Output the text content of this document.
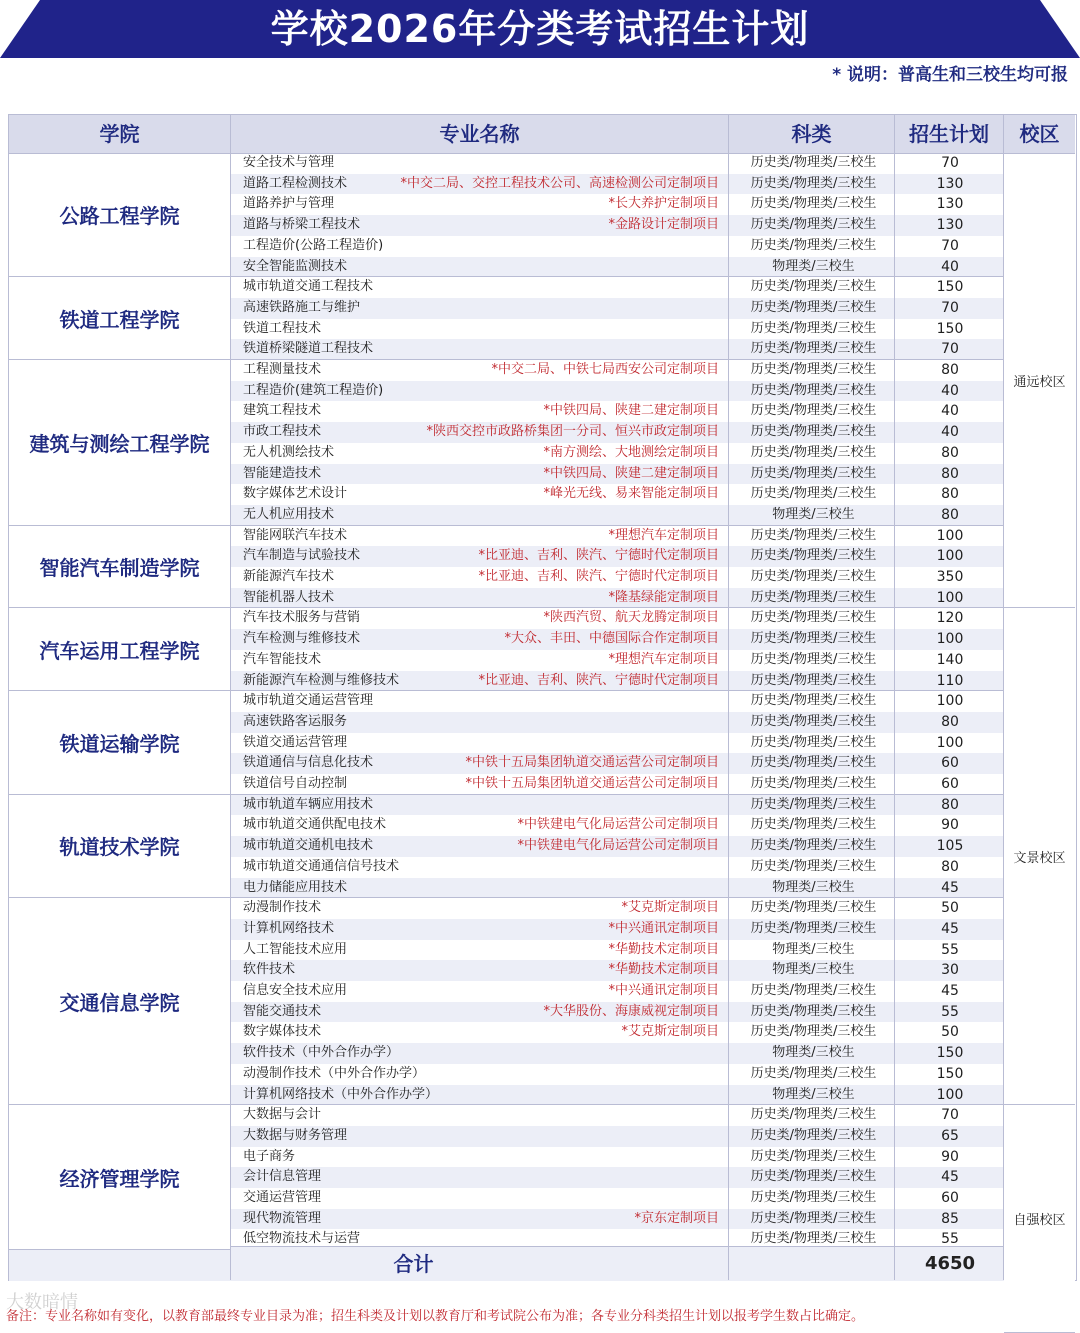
学校2026年分类考试招生计划
* 说明：普高生和三校生均可报
学院	专业名称	科类	招生计划	校区
合计	4650
公路工程学院
安全技术与管理	历史类/物理类/三校生	70
道路工程检测技术	*中交二局、交控工程技术公司、高速检测公司定制项目	历史类/物理类/三校生	130
道路养护与管理	*长大养护定制项目	历史类/物理类/三校生	130
道路与桥梁工程技术	*金路设计定制项目	历史类/物理类/三校生	130
工程造价(公路工程造价)	历史类/物理类/三校生	70
安全智能监测技术	物理类/三校生	40
铁道工程学院
城市轨道交通工程技术	历史类/物理类/三校生	150
高速铁路施工与维护	历史类/物理类/三校生	70
铁道工程技术	历史类/物理类/三校生	150
铁道桥梁隧道工程技术	历史类/物理类/三校生	70
建筑与测绘工程学院
工程测量技术	*中交二局、中铁七局西安公司定制项目	历史类/物理类/三校生	80
工程造价(建筑工程造价)	历史类/物理类/三校生	40
建筑工程技术	*中铁四局、陕建二建定制项目	历史类/物理类/三校生	40
市政工程技术	*陕西交控市政路桥集团一分司、恒兴市政定制项目	历史类/物理类/三校生	40
无人机测绘技术	*南方测绘、大地测绘定制项目	历史类/物理类/三校生	80
智能建造技术	*中铁四局、陕建二建定制项目	历史类/物理类/三校生	80
数字媒体艺术设计	*峰光无线、易来智能定制项目	历史类/物理类/三校生	80
无人机应用技术	物理类/三校生	80
智能汽车制造学院
智能网联汽车技术	*理想汽车定制项目	历史类/物理类/三校生	100
汽车制造与试验技术	*比亚迪、吉利、陕汽、宁德时代定制项目	历史类/物理类/三校生	100
新能源汽车技术	*比亚迪、吉利、陕汽、宁德时代定制项目	历史类/物理类/三校生	350
智能机器人技术	*隆基绿能定制项目	历史类/物理类/三校生	100
汽车运用工程学院
汽车技术服务与营销	*陕西汽贸、航天龙腾定制项目	历史类/物理类/三校生	120
汽车检测与维修技术	*大众、丰田、中德国际合作定制项目	历史类/物理类/三校生	100
汽车智能技术	*理想汽车定制项目	历史类/物理类/三校生	140
新能源汽车检测与维修技术	*比亚迪、吉利、陕汽、宁德时代定制项目	历史类/物理类/三校生	110
铁道运输学院
城市轨道交通运营管理	历史类/物理类/三校生	100
高速铁路客运服务	历史类/物理类/三校生	80
铁道交通运营管理	历史类/物理类/三校生	100
铁道通信与信息化技术	*中铁十五局集团轨道交通运营公司定制项目	历史类/物理类/三校生	60
铁道信号自动控制	*中铁十五局集团轨道交通运营公司定制项目	历史类/物理类/三校生	60
轨道技术学院
城市轨道车辆应用技术	历史类/物理类/三校生	80
城市轨道交通供配电技术	*中铁建电气化局运营公司定制项目	历史类/物理类/三校生	90
城市轨道交通机电技术	*中铁建电气化局运营公司定制项目	历史类/物理类/三校生	105
城市轨道交通通信信号技术	历史类/物理类/三校生	80
电力储能应用技术	物理类/三校生	45
交通信息学院
动漫制作技术	*艾克斯定制项目	历史类/物理类/三校生	50
计算机网络技术	*中兴通讯定制项目	历史类/物理类/三校生	45
人工智能技术应用	*华勤技术定制项目	物理类/三校生	55
软件技术	*华勤技术定制项目	物理类/三校生	30
信息安全技术应用	*中兴通讯定制项目	历史类/物理类/三校生	45
智能交通技术	*大华股份、海康威视定制项目	历史类/物理类/三校生	55
数字媒体技术	*艾克斯定制项目	历史类/物理类/三校生	50
软件技术（中外合作办学）	物理类/三校生	150
动漫制作技术（中外合作办学）	历史类/物理类/三校生	150
计算机网络技术（中外合作办学）	物理类/三校生	100
经济管理学院
大数据与会计	历史类/物理类/三校生	70
大数据与财务管理	历史类/物理类/三校生	65
电子商务	历史类/物理类/三校生	90
会计信息管理	历史类/物理类/三校生	45
交通运营管理	历史类/物理类/三校生	60
现代物流管理	*京东定制项目	历史类/物理类/三校生	85
低空物流技术与运营	历史类/物理类/三校生	55
通远校区
文景校区
自强校区
大数暗情
备注：专业名称如有变化，以教育部最终专业目录为准；招生科类及计划以教育厅和考试院公布为准；各专业分科类招生计划以报考学生数占比确定。
